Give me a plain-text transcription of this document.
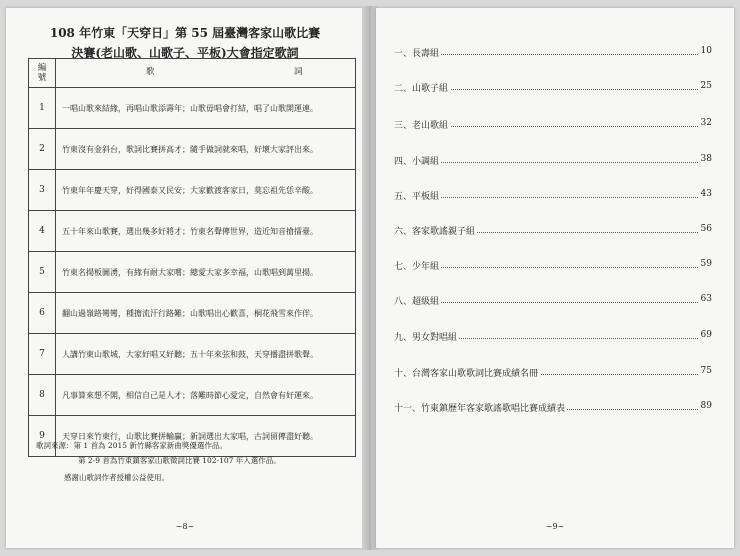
108 年竹東「天穿日」第 55 屆臺灣客家山歌比賽
決賽(老山歌、山歌子、平板)大會指定歌詞
編
號	歌 詞

1	一唱山歌來結緣，再唱山歌添壽年；山歌毋唱會打結，唱了山歌開運連。
2	竹東沒有金斜台，歌詞比賽拼高才；隨手做詞就來唱，好壞大家評出來。
3	竹東年年慶天穿，好得國泰又民安；大家歡渡客家日，莫忘祖先恁辛酸。
4	五十年來山歌賽，選出幾多好將才；竹東名聲傳世界，造近知音搶擂臺。
5	竹東名揚板圖湧，有緣有耐大家嚐；總愛大家多幸福，山歌唱到萬里揚。
6	翻山過嶺路彎彎，種擔流汗行路難；山歌唱出心歡喜，桐花飛雪來作伴。
7	人講竹東山歌城，大家好唱又好聽；五十年來弦和鼓，天穿播盡拼歌聲。
8	凡事算來想不開，相信自己是人才；落難時節心愛定，自然會有好運來。
9	天穿日來竹東行，山歌比賽拼輸贏；新詞選出大家唱，古詞留傳盡好聽。
歌詞來源：第 1 首為 2015 新竹縣客家新曲獎優選作品。
第 2-9 首為竹東鎮客家山歌徵詞比賽 102-107 年入選作品。
感謝山歌詞作者授權公益使用。
~8~
一、長壽組	10
二、山歌子組	25
三、老山歌組	32
四、小調組	38
五、平板組	43
六、客家歌謠親子組	56
七、少年組	59
八、超級組	63
九、男女對唱組	69
十、台灣客家山歌歌詞比賽成績名冊	75
十一、竹東鎮歷年客家歌謠歌唱比賽成績表	89
~9~
